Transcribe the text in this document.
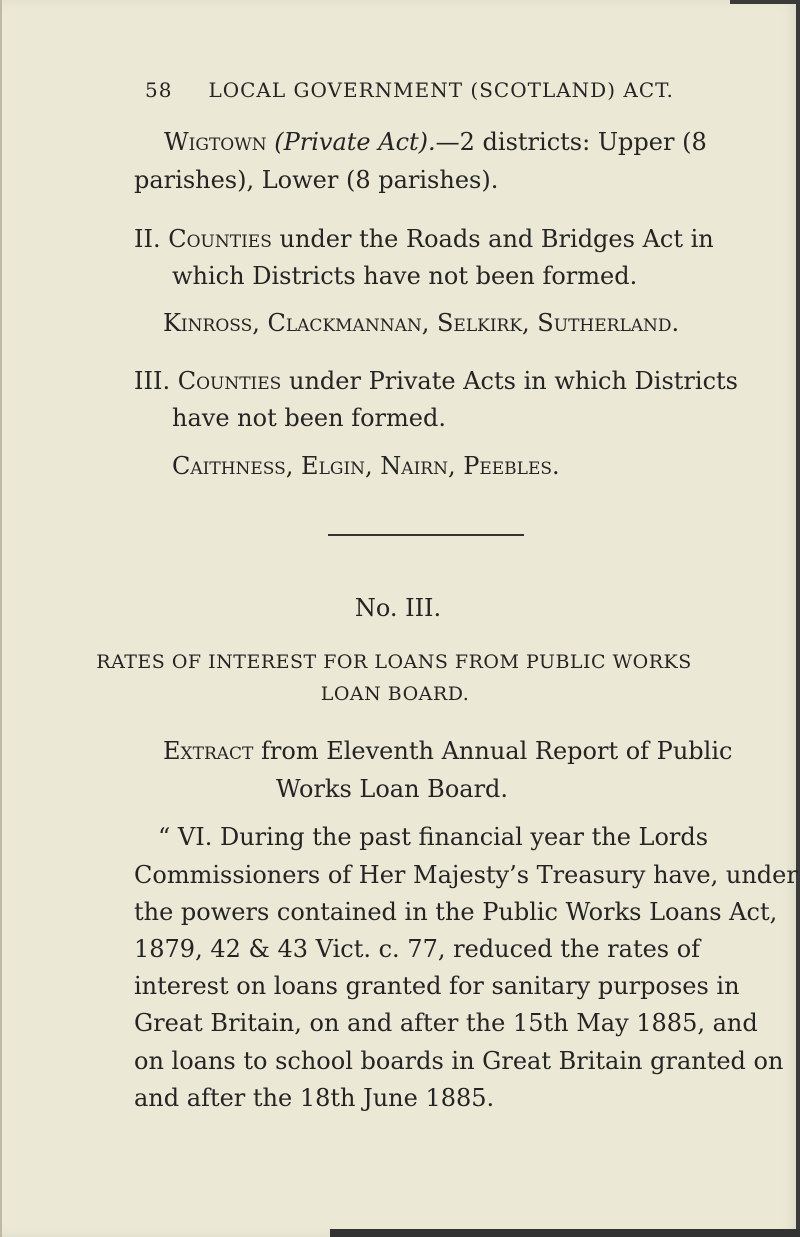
58 LOCAL GOVERNMENT (SCOTLAND) ACT.
Wigtown (Private Act).—2 districts: Upper (8
parishes), Lower (8 parishes).
II. Counties under the Roads and Bridges Act in
which Districts have not been formed.
Kinross, Clackmannan, Selkirk, Sutherland.
III. Counties under Private Acts in which Districts
have not been formed.
Caithness, Elgin, Nairn, Peebles.
No. III.
RATES OF INTEREST FOR LOANS FROM PUBLIC WORKS
LOAN BOARD.
Extract from Eleventh Annual Report of Public
Works Loan Board.
“ VI. During the past financial year the Lords
Commissioners of Her Majesty’s Treasury have, under
the powers contained in the Public Works Loans Act,
1879, 42 & 43 Vict. c. 77, reduced the rates of
interest on loans granted for sanitary purposes in
Great Britain, on and after the 15th May 1885, and
on loans to school boards in Great Britain granted on
and after the 18th June 1885.
